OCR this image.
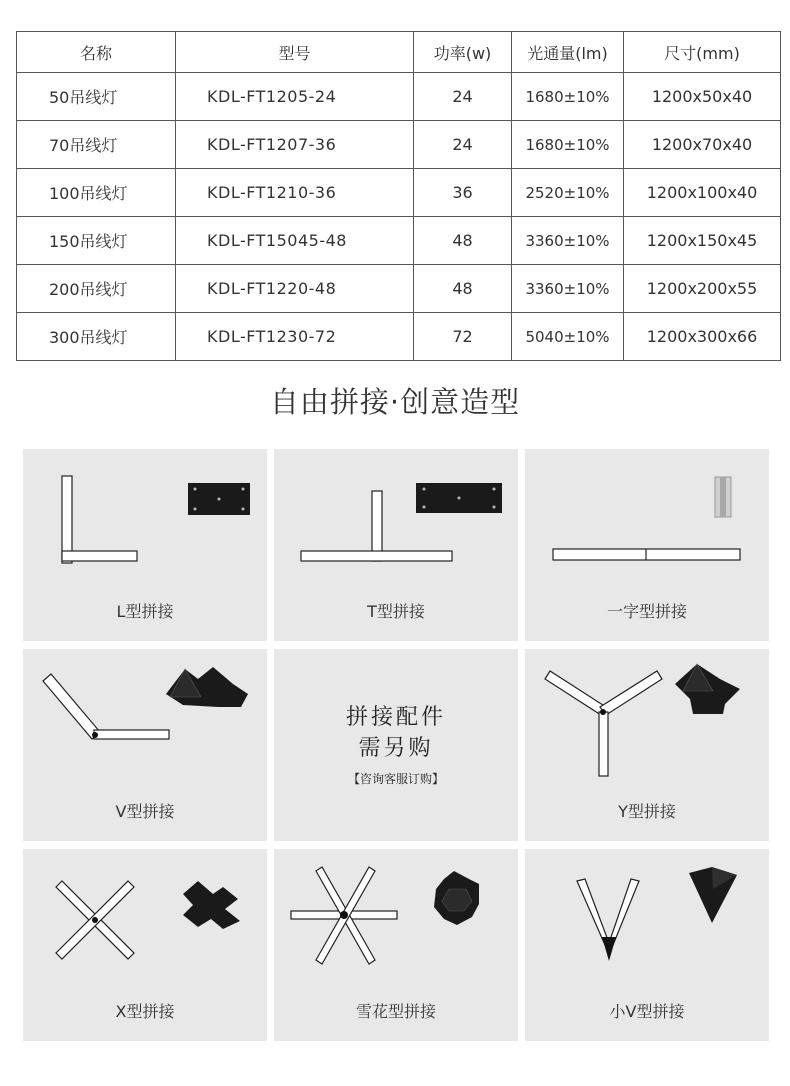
名称	型号	功率(w)	光通量(lm)	尺寸(mm)
50吊线灯	KDL-FT1205-24	24	1680±10%	1200x50x40
70吊线灯	KDL-FT1207-36	24	1680±10%	1200x70x40
100吊线灯	KDL-FT1210-36	36	2520±10%	1200x100x40
150吊线灯	KDL-FT15045-48	48	3360±10%	1200x150x45
200吊线灯	KDL-FT1220-48	48	3360±10%	1200x200x55
300吊线灯	KDL-FT1230-72	72	5040±10%	1200x300x66
自由拼接·创意造型
L型拼接	T型拼接	一字型拼接
V型拼接
拼接配件
需另购
【咨询客服订购】
Y型拼接
X型拼接	雪花型拼接	小V型拼接
